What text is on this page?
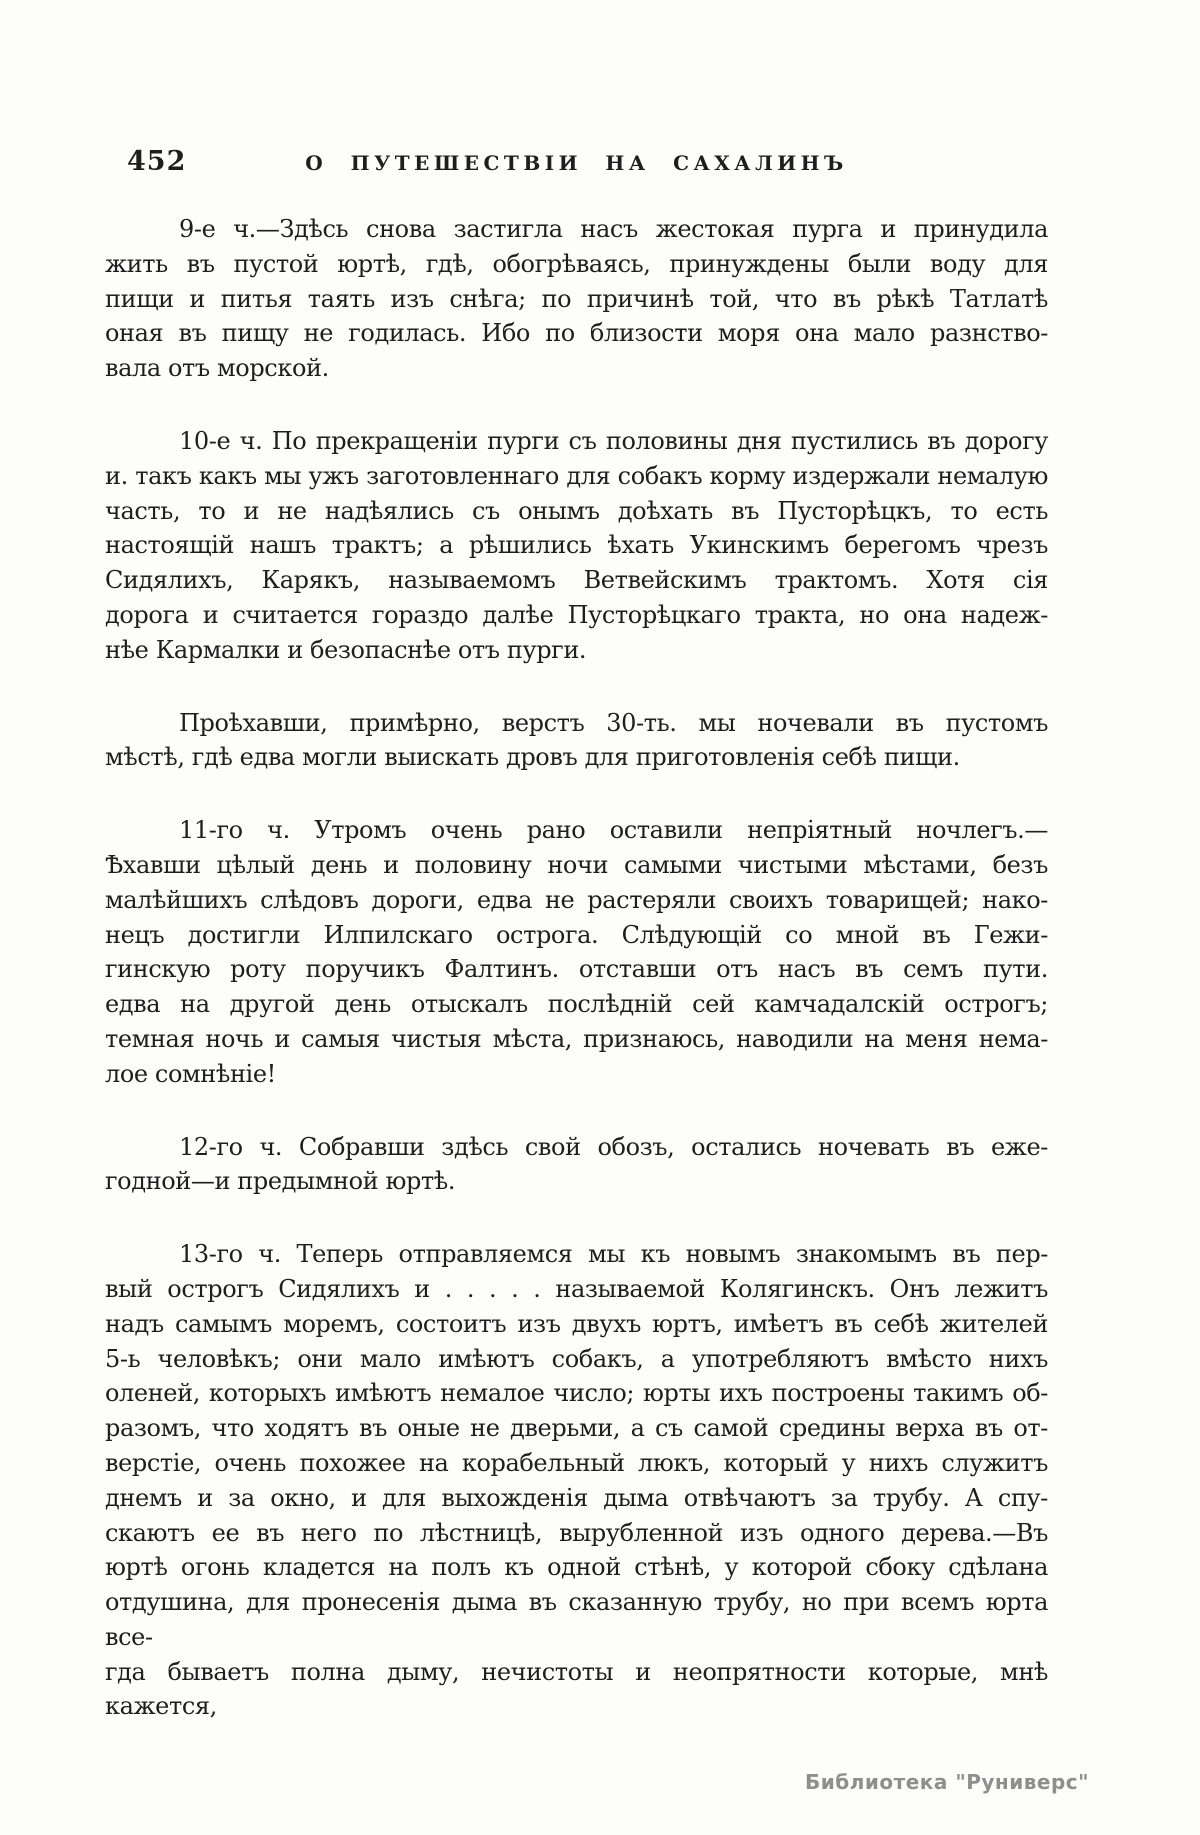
452	О ПУТЕШЕСТВІИ НА САХАЛИНЪ
9-е ч.—Здѣсь снова застигла насъ жестокая пурга и принудила
жить въ пустой юртѣ, гдѣ, обогрѣваясь, принуждены были воду для
пищи и питья таять изъ снѣга; по причинѣ той, что въ рѣкѣ Татлатѣ
оная въ пищу не годилась. Ибо по близости моря она мало разнство-
вала отъ морской.
10-е ч. По прекращеніи пурги съ половины дня пустились въ дорогу
и. такъ какъ мы ужъ заготовленнаго для собакъ корму издержали немалую
часть, то и не надѣялись съ онымъ доѣхать въ Пусторѣцкъ, то есть
настоящій нашъ трактъ; а рѣшились ѣхать Укинскимъ берегомъ чрезъ
Сидялихъ, Карякъ, называемомъ Ветвейскимъ трактомъ. Хотя сія
дорога и считается гораздо далѣе Пусторѣцкаго тракта, но она надеж-
нѣе Кармалки и безопаснѣе отъ пурги.
Проѣхавши, примѣрно, верстъ 30-ть. мы ночевали въ пустомъ
мѣстѣ, гдѣ едва могли выискать дровъ для приготовленія себѣ пищи.
11-го ч. Утромъ очень рано оставили непріятный ночлегъ.—
Ѣхавши цѣлый день и половину ночи самыми чистыми мѣстами, безъ
малѣйшихъ слѣдовъ дороги, едва не растеряли своихъ товарищей; нако-
нецъ достигли Илпилскаго острога. Слѣдующій со мной въ Гежи-
гинскую роту поручикъ Фалтинъ. отставши отъ насъ въ семъ пути.
едва на другой день отыскалъ послѣдній сей камчадалскій острогъ;
темная ночь и самыя чистыя мѣста, признаюсь, наводили на меня нема-
лое сомнѣніе!
12-го ч. Собравши здѣсь свой обозъ, остались ночевать въ еже-
годной—и предымной юртѣ.
13-го ч. Теперь отправляемся мы къ новымъ знакомымъ въ пер-
вый острогъ Сидялихъ и . . . . . называемой Колягинскъ. Онъ лежитъ
надъ самымъ моремъ, состоитъ изъ двухъ юртъ, имѣетъ въ себѣ жителей
5-ь человѣкъ; они мало имѣютъ собакъ, а употребляютъ вмѣсто нихъ
оленей, которыхъ имѣютъ немалое число; юрты ихъ построены такимъ об-
разомъ, что ходятъ въ оные не дверьми, а съ самой средины верха въ от-
верстіе, очень похожее на корабельный люкъ, который у нихъ служитъ
днемъ и за окно, и для выхожденія дыма отвѣчаютъ за трубу. А спу-
скаютъ ее въ него по лѣстницѣ, вырубленной изъ одного дерева.—Въ
юртѣ огонь кладется на полъ къ одной стѣнѣ, у которой сбоку сдѣлана
отдушина, для пронесенія дыма въ сказанную трубу, но при всемъ юрта все-
гда бываетъ полна дыму, нечистоты и неопрятности которые, мнѣ кажется,
Библиотека "Руниверс"
